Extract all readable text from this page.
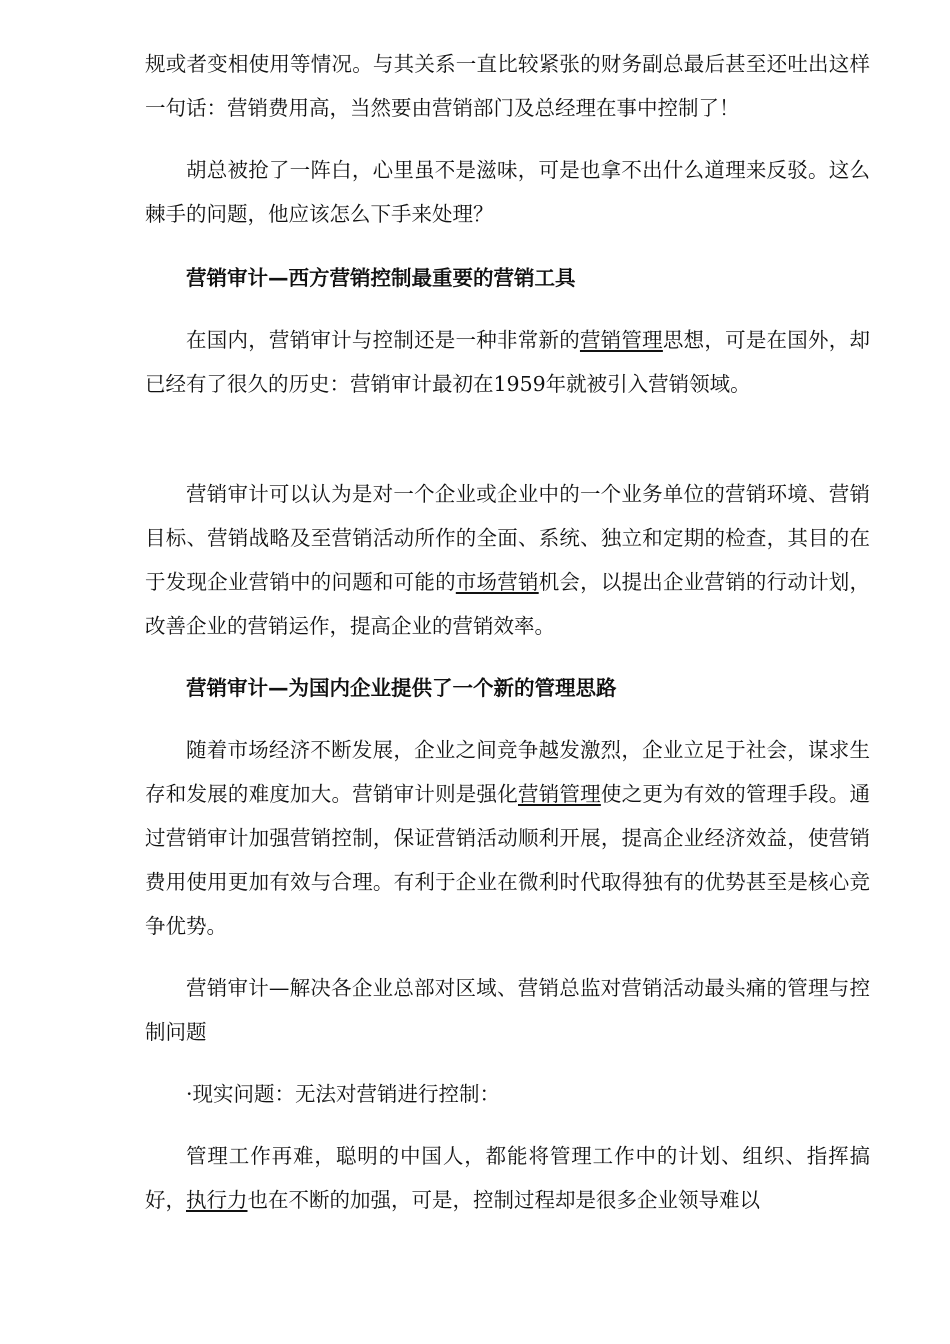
规或者变相使用等情况。与其关系一直比较紧张的财务副总最后甚至还吐出这样一句话：营销费用高，当然要由营销部门及总经理在事中控制了！

胡总被抢了一阵白，心里虽不是滋味，可是也拿不出什么道理来反驳。这么棘手的问题，他应该怎么下手来处理？

营销审计—西方营销控制最重要的营销工具

在国内，营销审计与控制还是一种非常新的营销管理思想，可是在国外，却已经有了很久的历史：营销审计最初在1959年就被引入营销领域。

营销审计可以认为是对一个企业或企业中的一个业务单位的营销环境、营销目标、营销战略及至营销活动所作的全面、系统、独立和定期的检查，其目的在于发现企业营销中的问题和可能的市场营销机会，以提出企业营销的行动计划，改善企业的营销运作，提高企业的营销效率。

营销审计—为国内企业提供了一个新的管理思路

随着市场经济不断发展，企业之间竞争越发激烈，企业立足于社会，谋求生存和发展的难度加大。营销审计则是强化营销管理使之更为有效的管理手段。通过营销审计加强营销控制，保证营销活动顺利开展，提高企业经济效益，使营销费用使用更加有效与合理。有利于企业在微利时代取得独有的优势甚至是核心竞争优势。

营销审计—解决各企业总部对区域、营销总监对营销活动最头痛的管理与控制问题

·现实问题：无法对营销进行控制：

管理工作再难，聪明的中国人，都能将管理工作中的计划、组织、指挥搞好，执行力也在不断的加强，可是，控制过程却是很多企业领导难以
